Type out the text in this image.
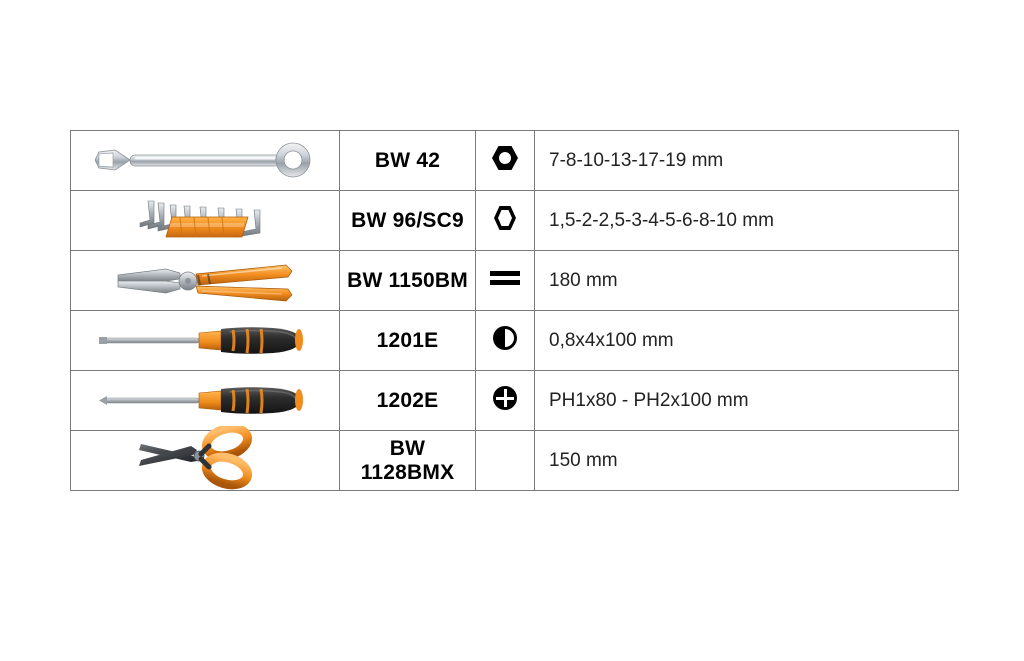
BW 42		7-8-10-13-17-19 mm

BW 96/SC9		1,5-2-2,5-3-4-5-6-8-10 mm

BW 1150BM		180 mm

1201E		0,8x4x100 mm

1202E		PH1x80 - PH2x100 mm

BW 1128BMX		150 mm
